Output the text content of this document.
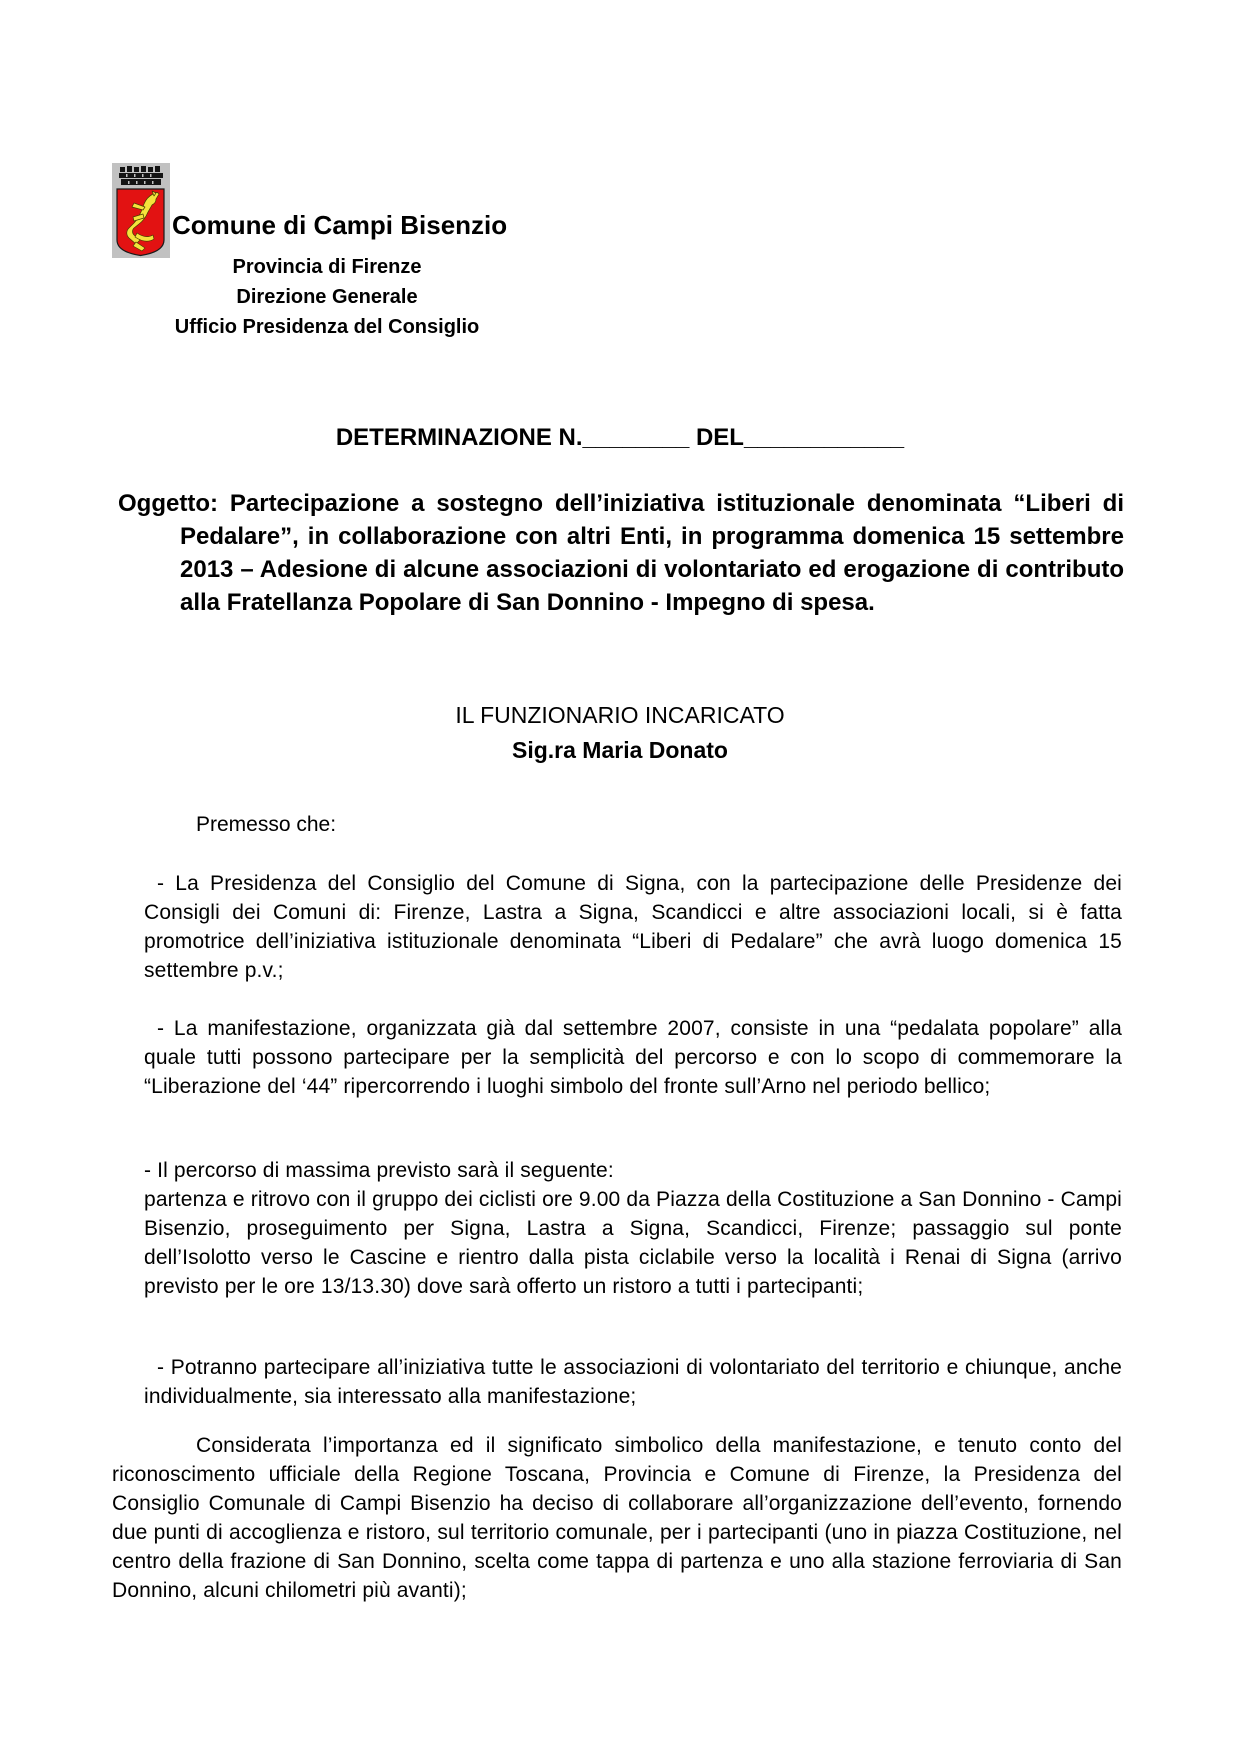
Comune di Campi Bisenzio
Provincia di Firenze
Direzione Generale
Ufficio Presidenza del Consiglio
DETERMINAZIONE N.________ DEL____________
Oggetto: Partecipazione a sostegno dell’iniziativa istituzionale denominata “Liberi di Pedalare”, in collaborazione con altri Enti, in programma domenica 15 settembre 2013 – Adesione di alcune associazioni di volontariato ed erogazione di contributo alla Fratellanza Popolare di San Donnino - Impegno di spesa.
IL FUNZIONARIO INCARICATO
Sig.ra Maria Donato
Premesso che:
- La Presidenza del Consiglio del Comune di Signa, con la partecipazione delle Presidenze dei Consigli dei Comuni di: Firenze, Lastra a Signa, Scandicci e altre associazioni locali, si è fatta promotrice dell’iniziativa istituzionale denominata “Liberi di Pedalare” che avrà luogo domenica 15 settembre p.v.;
- La manifestazione, organizzata già dal settembre 2007, consiste in una “pedalata popolare” alla quale tutti possono partecipare per la semplicità del percorso e con lo scopo di commemorare la “Liberazione del ‘44” ripercorrendo i luoghi simbolo del fronte sull’Arno nel periodo bellico;
- Il percorso di massima previsto sarà il seguente:
partenza e ritrovo con il gruppo dei ciclisti ore 9.00 da Piazza della Costituzione a San Donnino - Campi Bisenzio, proseguimento per Signa, Lastra a Signa, Scandicci, Firenze; passaggio sul ponte dell’Isolotto verso le Cascine e rientro dalla pista ciclabile verso la località i Renai di Signa (arrivo previsto per le ore 13/13.30) dove sarà offerto un ristoro a tutti i partecipanti;
- Potranno partecipare all’iniziativa tutte le associazioni di volontariato del territorio e chiunque, anche individualmente, sia interessato alla manifestazione;
Considerata l’importanza ed il significato simbolico della manifestazione, e tenuto conto del riconoscimento ufficiale della Regione Toscana, Provincia e Comune di Firenze, la Presidenza del Consiglio Comunale di Campi Bisenzio ha deciso di collaborare all’organizzazione dell’evento, fornendo due punti di accoglienza e ristoro, sul territorio comunale, per i partecipanti (uno in piazza Costituzione, nel centro della frazione di San Donnino, scelta come tappa di partenza e uno alla stazione ferroviaria di San Donnino, alcuni chilometri più avanti);
